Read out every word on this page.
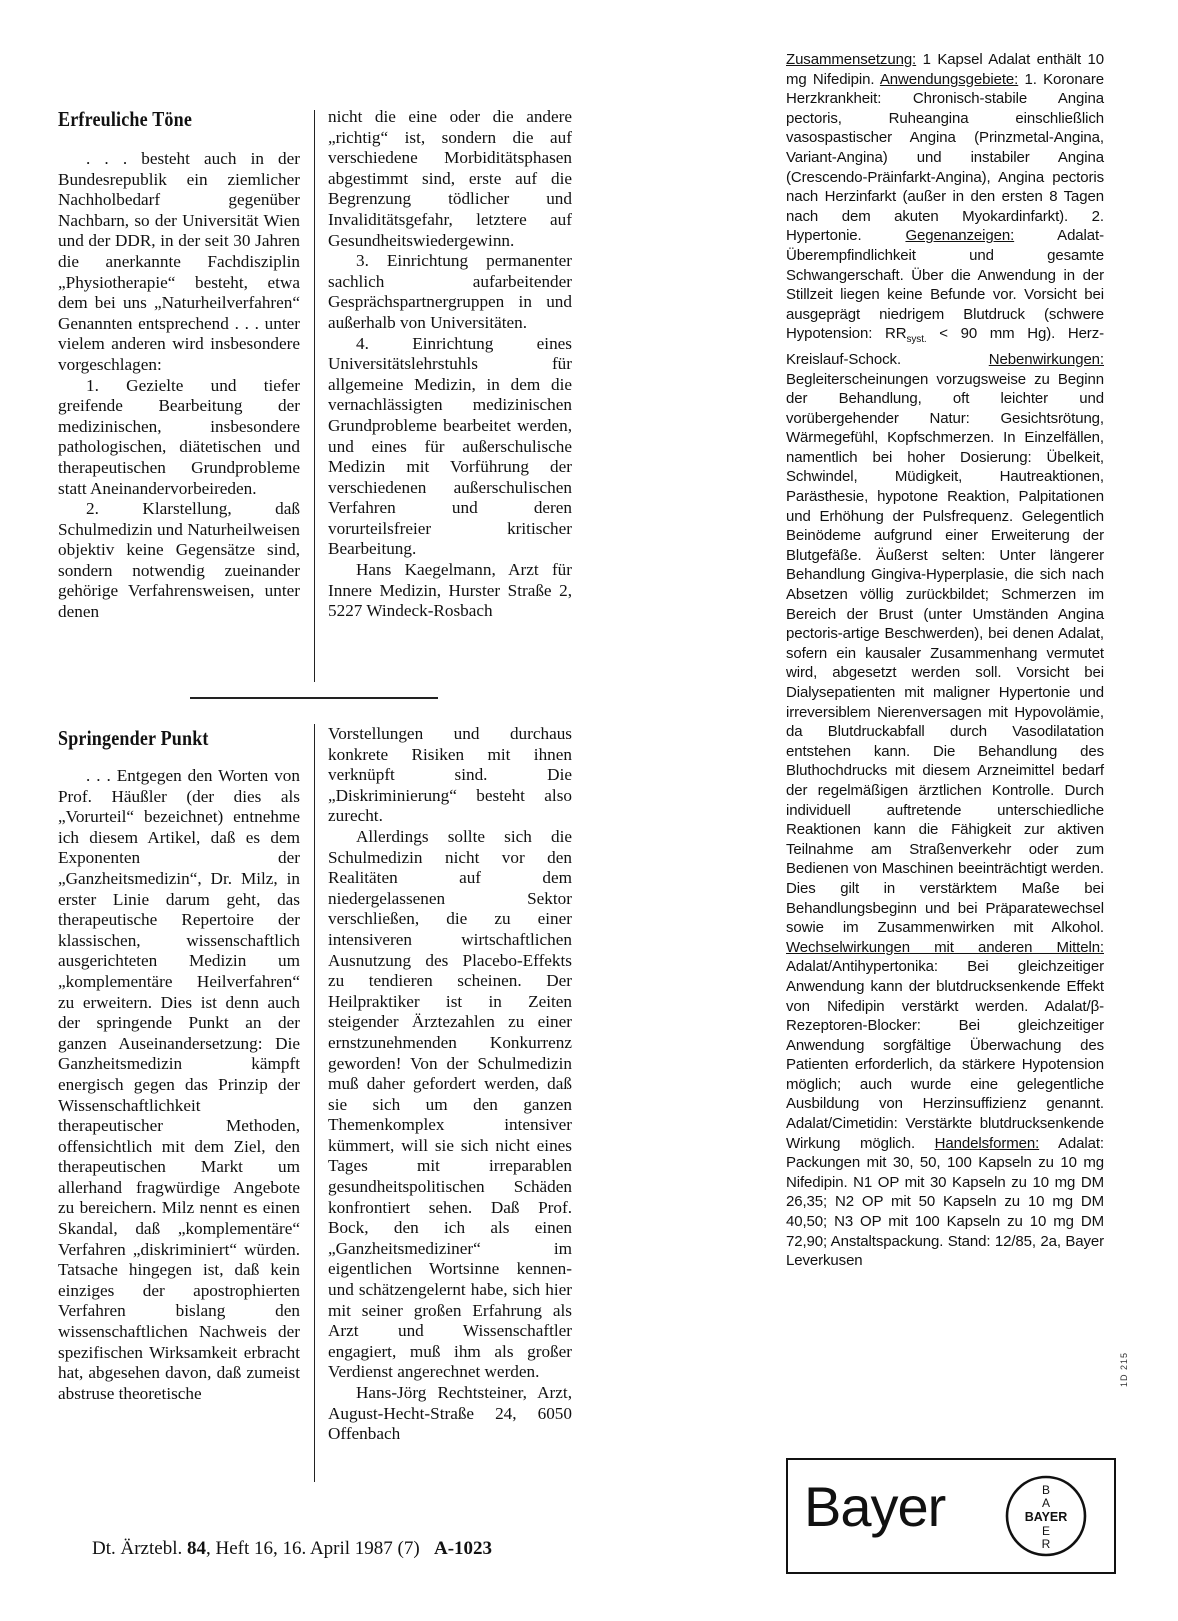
Erfreuliche Töne

. . . besteht auch in der Bundesrepublik ein ziemlicher Nachholbedarf gegenüber Nachbarn, so der Universität Wien und der DDR, in der seit 30 Jahren die anerkannte Fachdisziplin „Physiotherapie“ besteht, etwa dem bei uns „Naturheilverfahren“ Genannten entsprechend . . . unter vielem anderen wird insbesondere vorgeschlagen:

1. Gezielte und tiefer greifende Bearbeitung der medizinischen, insbesondere pathologischen, diätetischen und therapeutischen Grundprobleme statt Aneinandervorbeireden.

2. Klarstellung, daß Schulmedizin und Naturheilweisen objektiv keine Gegensätze sind, sondern notwendig zueinander gehörige Verfahrensweisen, unter denen

nicht die eine oder die andere „richtig“ ist, sondern die auf verschiedene Morbiditätsphasen abgestimmt sind, erste auf die Begrenzung tödlicher und Invaliditätsgefahr, letztere auf Gesundheitswiedergewinn.

3. Einrichtung permanenter sachlich aufarbeitender Gesprächspartnergruppen in und außerhalb von Universitäten.

4. Einrichtung eines Universitätslehrstuhls für allgemeine Medizin, in dem die vernachlässigten medizinischen Grundprobleme bearbeitet werden, und eines für außerschulische Medizin mit Vorführung der verschiedenen außerschulischen Verfahren und deren vorurteilsfreier kritischer Bearbeitung.

Hans Kaegelmann, Arzt für Innere Medizin, Hurster Straße 2, 5227 Windeck-Rosbach

Springender Punkt

. . . Entgegen den Worten von Prof. Häußler (der dies als „Vorurteil“ bezeichnet) entnehme ich diesem Artikel, daß es dem Exponenten der „Ganzheitsmedizin“, Dr. Milz, in erster Linie darum geht, das therapeutische Repertoire der klassischen, wissenschaftlich ausgerichteten Medizin um „komplementäre Heilverfahren“ zu erweitern. Dies ist denn auch der springende Punkt an der ganzen Auseinandersetzung: Die Ganzheitsmedizin kämpft energisch gegen das Prinzip der Wissenschaftlichkeit therapeutischer Methoden, offensichtlich mit dem Ziel, den therapeutischen Markt um allerhand fragwürdige Angebote zu bereichern. Milz nennt es einen Skandal, daß „komplementäre“ Verfahren „diskriminiert“ würden. Tatsache hingegen ist, daß kein einziges der apostrophierten Verfahren bislang den wissenschaftlichen Nachweis der spezifischen Wirksamkeit erbracht hat, abgesehen davon, daß zumeist abstruse theoretische

Vorstellungen und durchaus konkrete Risiken mit ihnen verknüpft sind. Die „Diskriminierung“ besteht also zurecht.

Allerdings sollte sich die Schulmedizin nicht vor den Realitäten auf dem niedergelassenen Sektor verschließen, die zu einer intensiveren wirtschaftlichen Ausnutzung des Placebo-Effekts zu tendieren scheinen. Der Heilpraktiker ist in Zeiten steigender Ärztezahlen zu einer ernstzunehmenden Konkurrenz geworden! Von der Schulmedizin muß daher gefordert werden, daß sie sich um den ganzen Themenkomplex intensiver kümmert, will sie sich nicht eines Tages mit irreparablen gesundheitspolitischen Schäden konfrontiert sehen. Daß Prof. Bock, den ich als einen „Ganzheitsmediziner“ im eigentlichen Wortsinne kennen- und schätzengelernt habe, sich hier mit seiner großen Erfahrung als Arzt und Wissenschaftler engagiert, muß ihm als großer Verdienst angerechnet werden.

Hans-Jörg Rechtsteiner, Arzt, August-Hecht-Straße 24, 6050 Offenbach

Dt. Ärztebl. 84, Heft 16, 16. April 1987 (7) A-1023

Zusammensetzung: 1 Kapsel Adalat enthält 10 mg Nifedipin. Anwendungsgebiete: 1. Koronare Herzkrankheit: Chronisch-stabile Angina pectoris, Ruheangina einschließlich vasospastischer Angina (Prinzmetal-Angina, Variant-Angina) und instabiler Angina (Crescendo-Präinfarkt-Angina), Angina pectoris nach Herzinfarkt (außer in den ersten 8 Tagen nach dem akuten Myokardinfarkt). 2. Hypertonie. Gegenanzeigen: Adalat-Überempfindlichkeit und gesamte Schwangerschaft. Über die Anwendung in der Stillzeit liegen keine Befunde vor. Vorsicht bei ausgeprägt niedrigem Blutdruck (schwere Hypotension: $RR_{syst.} < 90$ mm Hg). Herz-Kreislauf-Schock. Nebenwirkungen: Begleiterscheinungen vorzugsweise zu Beginn der Behandlung, oft leichter und vorübergehender Natur: Gesichtsrötung, Wärmegefühl, Kopfschmerzen. In Einzelfällen, namentlich bei hoher Dosierung: Übelkeit, Schwindel, Müdigkeit, Hautreaktionen, Parästhesie, hypotone Reaktion, Palpitationen und Erhöhung der Pulsfrequenz. Gelegentlich Beinödeme aufgrund einer Erweiterung der Blutgefäße. Äußerst selten: Unter längerer Behandlung Gingiva-Hyperplasie, die sich nach Absetzen völlig zurückbildet; Schmerzen im Bereich der Brust (unter Umständen Angina pectoris-artige Beschwerden), bei denen Adalat, sofern ein kausaler Zusammenhang vermutet wird, abgesetzt werden soll. Vorsicht bei Dialysepatienten mit maligner Hypertonie und irreversiblem Nierenversagen mit Hypovolämie, da Blutdruckabfall durch Vasodilatation entstehen kann. Die Behandlung des Bluthochdrucks mit diesem Arzneimittel bedarf der regelmäßigen ärztlichen Kontrolle. Durch individuell auftretende unterschiedliche Reaktionen kann die Fähigkeit zur aktiven Teilnahme am Straßenverkehr oder zum Bedienen von Maschinen beeinträchtigt werden. Dies gilt in verstärktem Maße bei Behandlungsbeginn und bei Präparatewechsel sowie im Zusammenwirken mit Alkohol. Wechselwirkungen mit anderen Mitteln: Adalat/Antihypertonika: Bei gleichzeitiger Anwendung kann der blutdrucksenkende Effekt von Nifedipin verstärkt werden. Adalat/β-Rezeptoren-Blocker: Bei gleichzeitiger Anwendung sorgfältige Überwachung des Patienten erforderlich, da stärkere Hypotension möglich; auch wurde eine gelegentliche Ausbildung von Herzinsuffizienz genannt. Adalat/Cimetidin: Verstärkte blutdrucksenkende Wirkung möglich. Handelsformen: Adalat: Packungen mit 30, 50, 100 Kapseln zu 10 mg Nifedipin. N1 OP mit 30 Kapseln zu 10 mg DM 26,35; N2 OP mit 50 Kapseln zu 10 mg DM 40,50; N3 OP mit 100 Kapseln zu 10 mg DM 72,90; Anstaltspackung. Stand: 12/85, 2a, Bayer Leverkusen

1D 215
Bayer	B
A
BAYER
E
R
